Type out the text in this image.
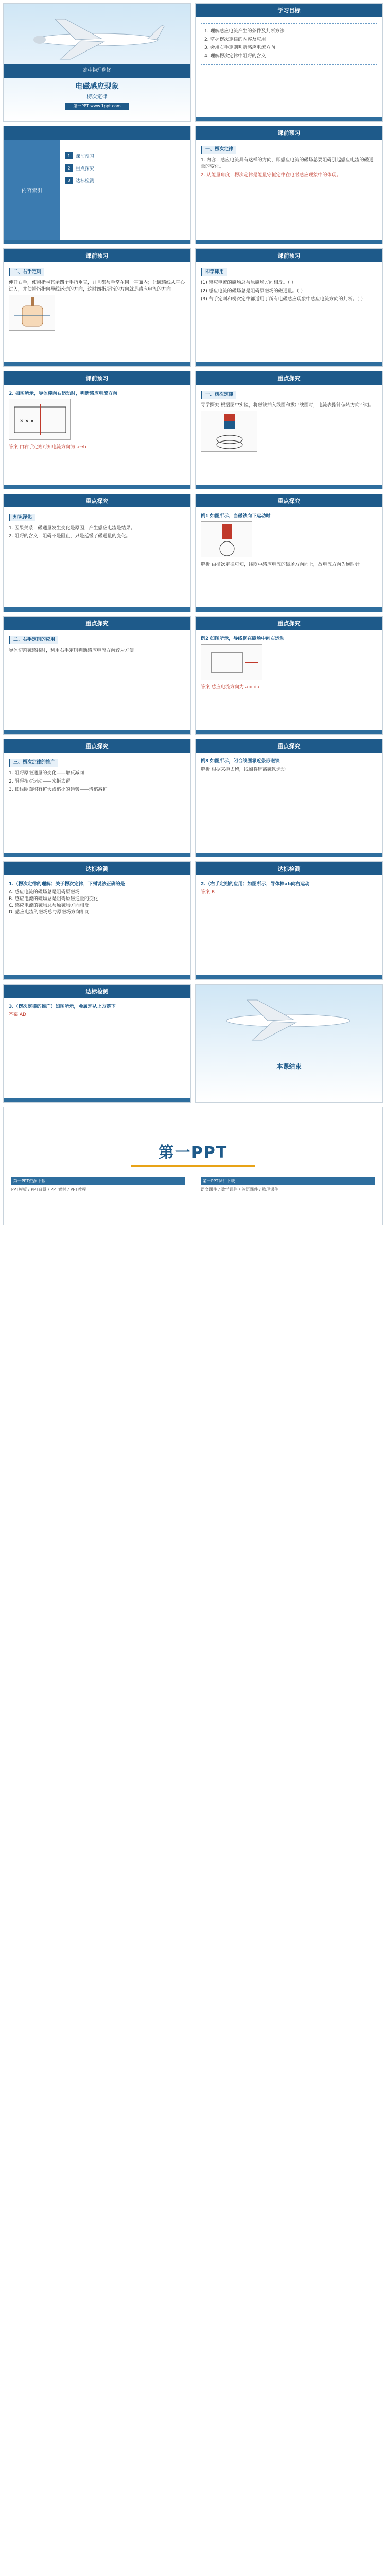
高中物理选修
电磁感应现象
楞次定律
第一PPT www.1ppt.com
学习目标
1. 理解感应电流产生的条件及判断方法
2. 掌握楞次定律的内容及应用
3. 会用右手定则判断感应电流方向
4. 理解楞次定律中阻碍的含义
内容索引
1	课前预习
2	重点探究
3	达标检测
课前预习
一、楞次定律
1. 内容：感应电流具有这样的方向，即感应电流的磁场总要阻碍引起感应电流的磁通量的变化。
2. 从能量角度：楞次定律是能量守恒定律在电磁感应现象中的体现。
课前预习
二、右手定则
伸开右手，使拇指与其余四个手指垂直，并且都与手掌在同一平面内；让磁感线从掌心进入，并使拇指指向导线运动的方向，这时四指所指的方向就是感应电流的方向。
课前预习
即学即用
(1) 感应电流的磁场总与原磁场方向相反。（ ）
(2) 感应电流的磁场总是阻碍原磁场的磁通量。（ ）
(3) 右手定则和楞次定律都适用于所有电磁感应现象中感应电流方向的判断。（ ）
课前预习
2. 如图所示，导体棒向右运动时，判断感应电流方向
× × ×
答案 由右手定则可知电流方向为 a→b
重点探究
一、楞次定律
导学探究 根据图中实验，将磁铁插入线圈和拔出线圈时，电流表指针偏转方向不同。
重点探究
知识深化
1. 因果关系：磁通量发生变化是原因，产生感应电流是结果。
2. 阻碍的含义：阻碍不是阻止，只是延缓了磁通量的变化。
重点探究
例1 如图所示，当磁铁向下运动时
解析 由楞次定律可知，线圈中感应电流的磁场方向向上，故电流方向为逆时针。
重点探究
二、右手定则的应用
导体切割磁感线时，利用右手定则判断感应电流方向较为方便。
重点探究
例2 如图所示，导线框在磁场中向右运动
答案 感应电流方向为 abcda
重点探究
三、楞次定律的推广
1. 阻碍原磁通量的变化——增反减同
2. 阻碍相对运动——来拒去留
3. 使线圈面积有扩大或缩小的趋势——增缩减扩
重点探究
例3 如图所示，闭合线圈靠近条形磁铁
解析 根据来拒去留，线圈将远离磁铁运动。
达标检测
1.（楞次定律的理解）关于楞次定律，下列说法正确的是
A. 感应电流的磁场总是阻碍原磁场
B. 感应电流的磁场总是阻碍原磁通量的变化
C. 感应电流的磁场总与原磁场方向相反
D. 感应电流的磁场总与原磁场方向相同
达标检测
2.（右手定则的应用）如图所示，导体棒ab向右运动
答案 B
达标检测
3.（楞次定律的推广）如图所示，金属环从上方落下
答案 AD
本课结束
第一PPT
第一PPT资源下载
PPT模板 / PPT背景 / PPT素材 / PPT教程
第一PPT课件下载
语文课件 / 数学课件 / 英语课件 / 物理课件
